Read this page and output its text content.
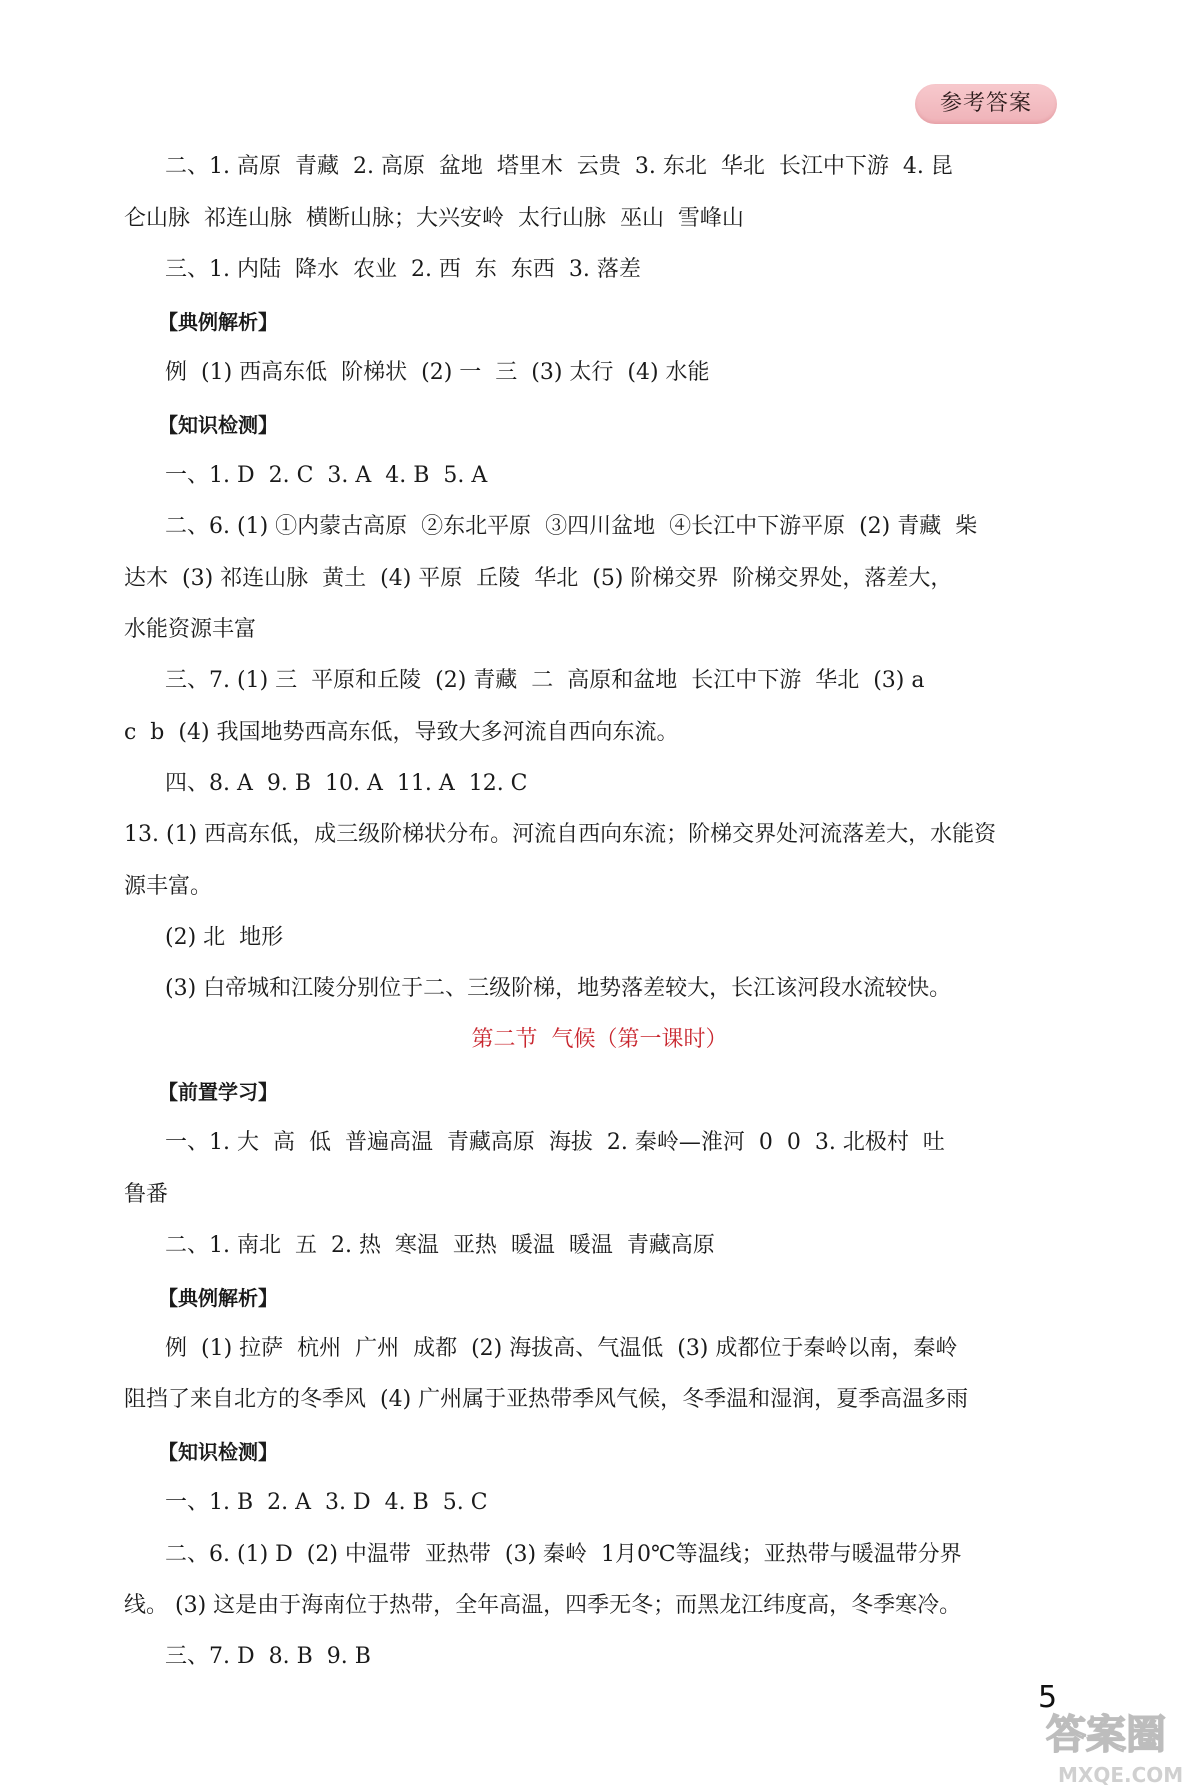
参考答案
二、1. 高原  青藏  2. 高原  盆地  塔里木  云贵  3. 东北  华北  长江中下游  4. 昆
仑山脉  祁连山脉  横断山脉；大兴安岭  太行山脉  巫山  雪峰山
三、1. 内陆  降水  农业  2. 西  东  东西  3. 落差
【典例解析】
例  (1) 西高东低  阶梯状  (2) 一  三  (3) 太行  (4) 水能
【知识检测】
一、1. D  2. C  3. A  4. B  5. A
二、6. (1) ①内蒙古高原  ②东北平原  ③四川盆地  ④长江中下游平原  (2) 青藏  柴
达木  (3) 祁连山脉  黄土  (4) 平原  丘陵  华北  (5) 阶梯交界  阶梯交界处，落差大，
水能资源丰富
三、7. (1) 三  平原和丘陵  (2) 青藏  二  高原和盆地  长江中下游  华北  (3) a
c  b  (4) 我国地势西高东低，导致大多河流自西向东流。
四、8. A  9. B  10. A  11. A  12. C
13. (1) 西高东低，成三级阶梯状分布。河流自西向东流；阶梯交界处河流落差大，水能资
源丰富。
(2) 北  地形
(3) 白帝城和江陵分别位于二、三级阶梯，地势落差较大，长江该河段水流较快。
第二节  气候（第一课时）
【前置学习】
一、1. 大  高  低  普遍高温  青藏高原  海拔  2. 秦岭—淮河  0  0  3. 北极村  吐
鲁番
二、1. 南北  五  2. 热  寒温  亚热  暖温  暖温  青藏高原
【典例解析】
例  (1) 拉萨  杭州  广州  成都  (2) 海拔高、气温低  (3) 成都位于秦岭以南，秦岭
阻挡了来自北方的冬季风  (4) 广州属于亚热带季风气候，冬季温和湿润，夏季高温多雨
【知识检测】
一、1. B  2. A  3. D  4. B  5. C
二、6. (1) D  (2) 中温带  亚热带  (3) 秦岭  1月0℃等温线；亚热带与暖温带分界
线。 (3) 这是由于海南位于热带，全年高温，四季无冬；而黑龙江纬度高，冬季寒冷。
三、7. D  8. B  9. B
5
答案圈
MXQE.COM
